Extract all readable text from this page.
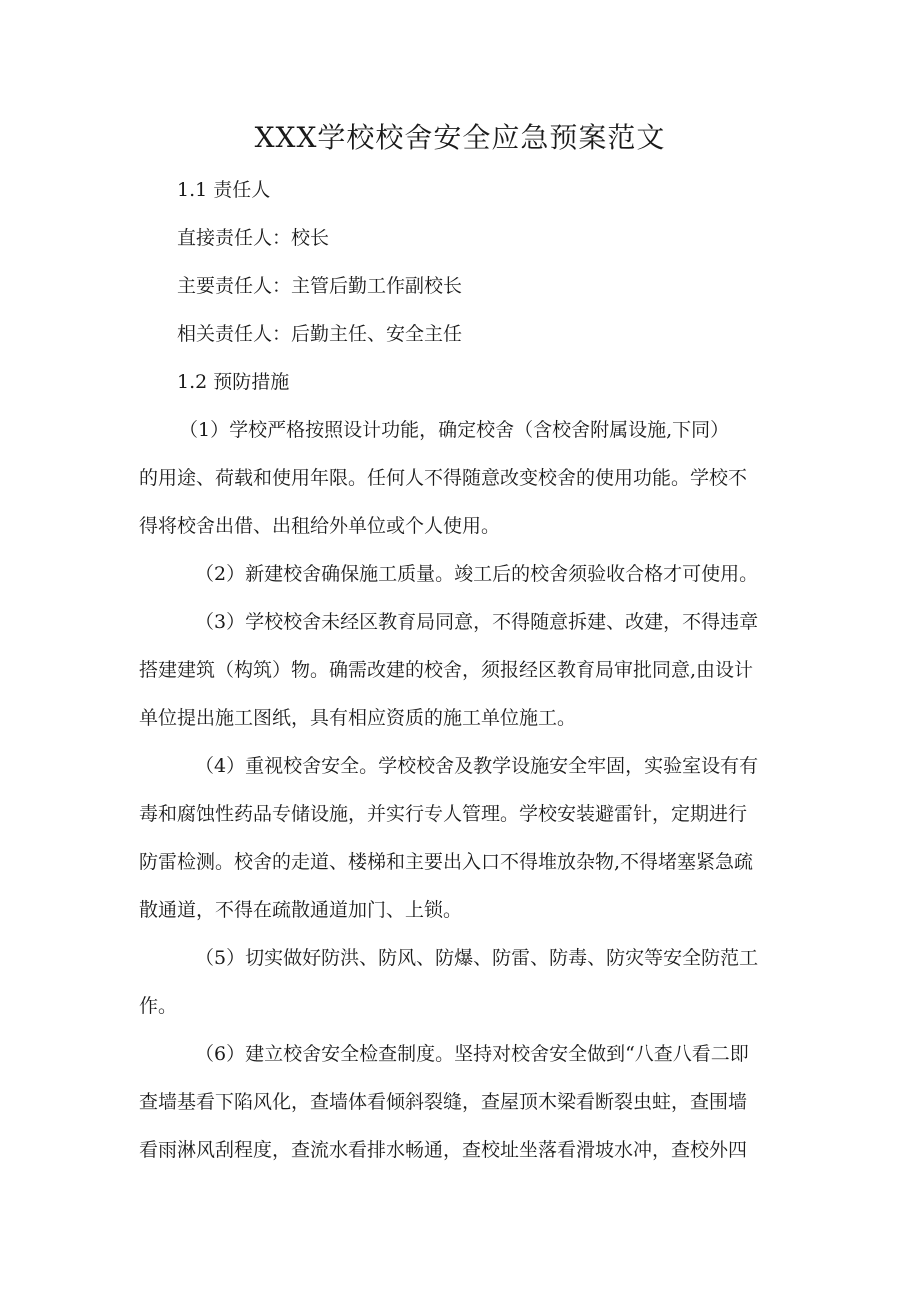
XXX学校校舍安全应急预案范文

1.1 责任人

直接责任人：校长

主要责任人：主管后勤工作副校长

相关责任人：后勤主任、安全主任

1.2 预防措施

（1）学校严格按照设计功能，确定校舍（含校舍附属设施,下同）

的用途、荷载和使用年限。任何人不得随意改变校舍的使用功能。学校不

得将校舍出借、出租给外单位或个人使用。

（2）新建校舍确保施工质量。竣工后的校舍须验收合格才可使用。

（3）学校校舍未经区教育局同意，不得随意拆建、改建，不得违章

搭建建筑（构筑）物。确需改建的校舍，须报经区教育局审批同意,由设计

单位提出施工图纸，具有相应资质的施工单位施工。

（4）重视校舍安全。学校校舍及教学设施安全牢固，实验室设有有

毒和腐蚀性药品专储设施，并实行专人管理。学校安装避雷针，定期进行

防雷检测。校舍的走道、楼梯和主要出入口不得堆放杂物,不得堵塞紧急疏

散通道，不得在疏散通道加门、上锁。

（5）切实做好防洪、防风、防爆、防雷、防毒、防灾等安全防范工

作。

（6）建立校舍安全检查制度。坚持对校舍安全做到“八查八看二即

查墙基看下陷风化，查墙体看倾斜裂缝，查屋顶木梁看断裂虫蛀，查围墙

看雨淋风刮程度，查流水看排水畅通，查校址坐落看滑坡水冲，查校外四
